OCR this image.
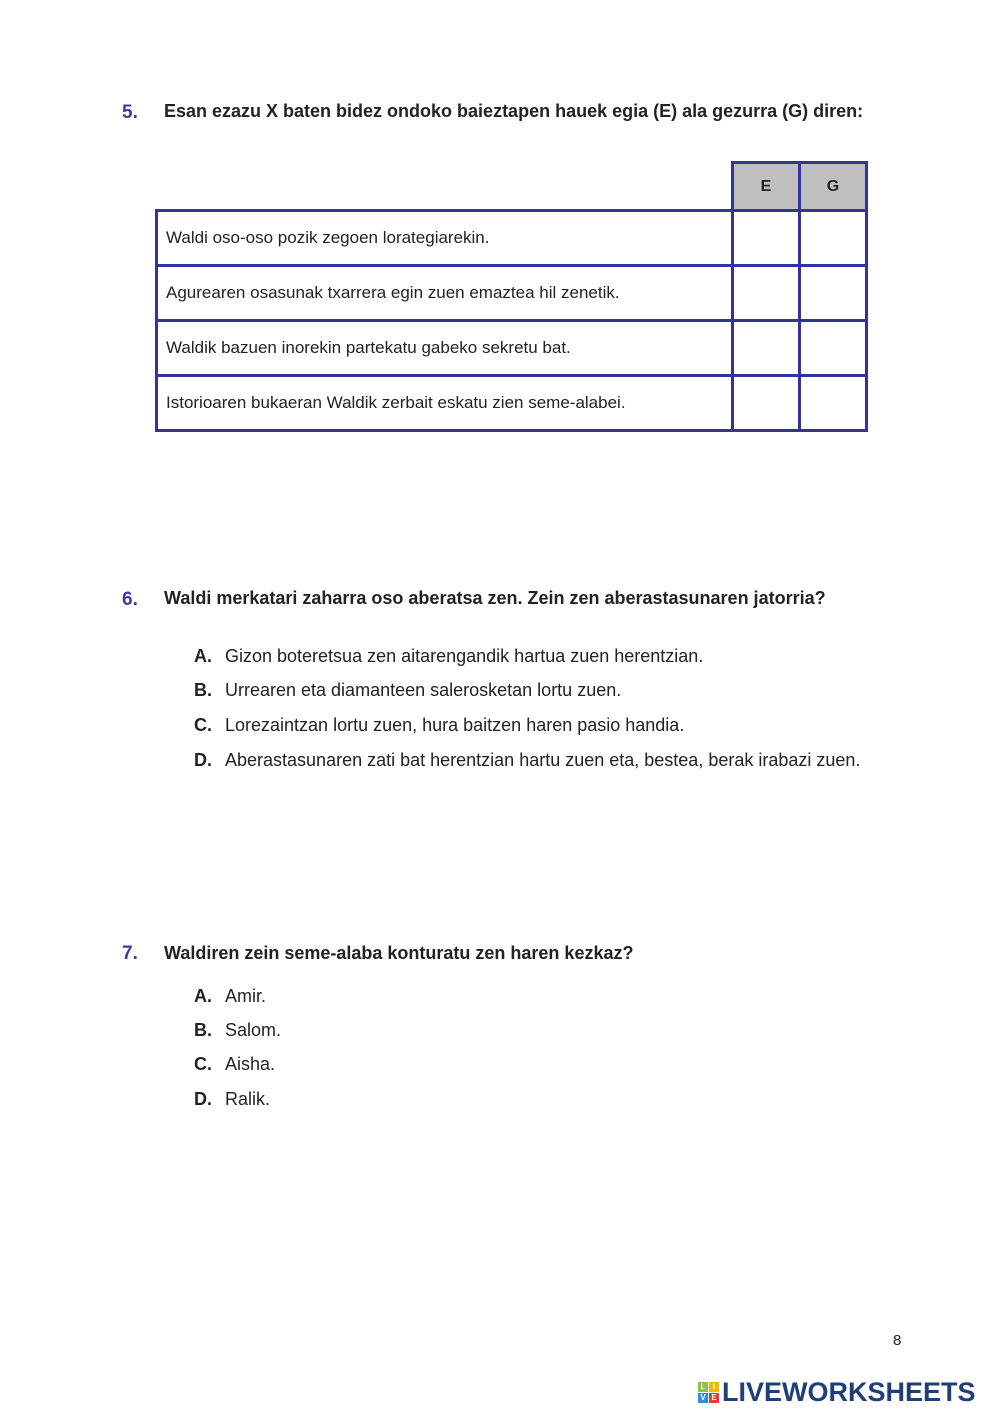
5. Esan ezazu X baten bidez ondoko baieztapen hauek egia (E) ala gezurra (G) diren:
	E	G
Waldi oso-oso pozik zegoen lorategiarekin.		
Agurearen osasunak txarrera egin zuen emaztea hil zenetik.		
Waldik bazuen inorekin partekatu gabeko sekretu bat.		
Istorioaren bukaeran Waldik zerbait eskatu zien seme-alabei.		
6. Waldi merkatari zaharra oso aberatsa zen. Zein zen aberastasunaren jatorria?
A. Gizon boteretsua zen aitarengandik hartua zuen herentzian.
B. Urrearen eta diamanteen salerosketan lortu zuen.
C. Lorezaintzan lortu zuen, hura baitzen haren pasio handia.
D. Aberastasunaren zati bat herentzian hartu zuen eta, bestea, berak irabazi zuen.
7. Waldiren zein seme-alaba konturatu zen haren kezkaz?
A. Amir.
B. Salom.
C. Aisha.
D. Ralik.
8
L I
V E LIVEWORKSHEETS
